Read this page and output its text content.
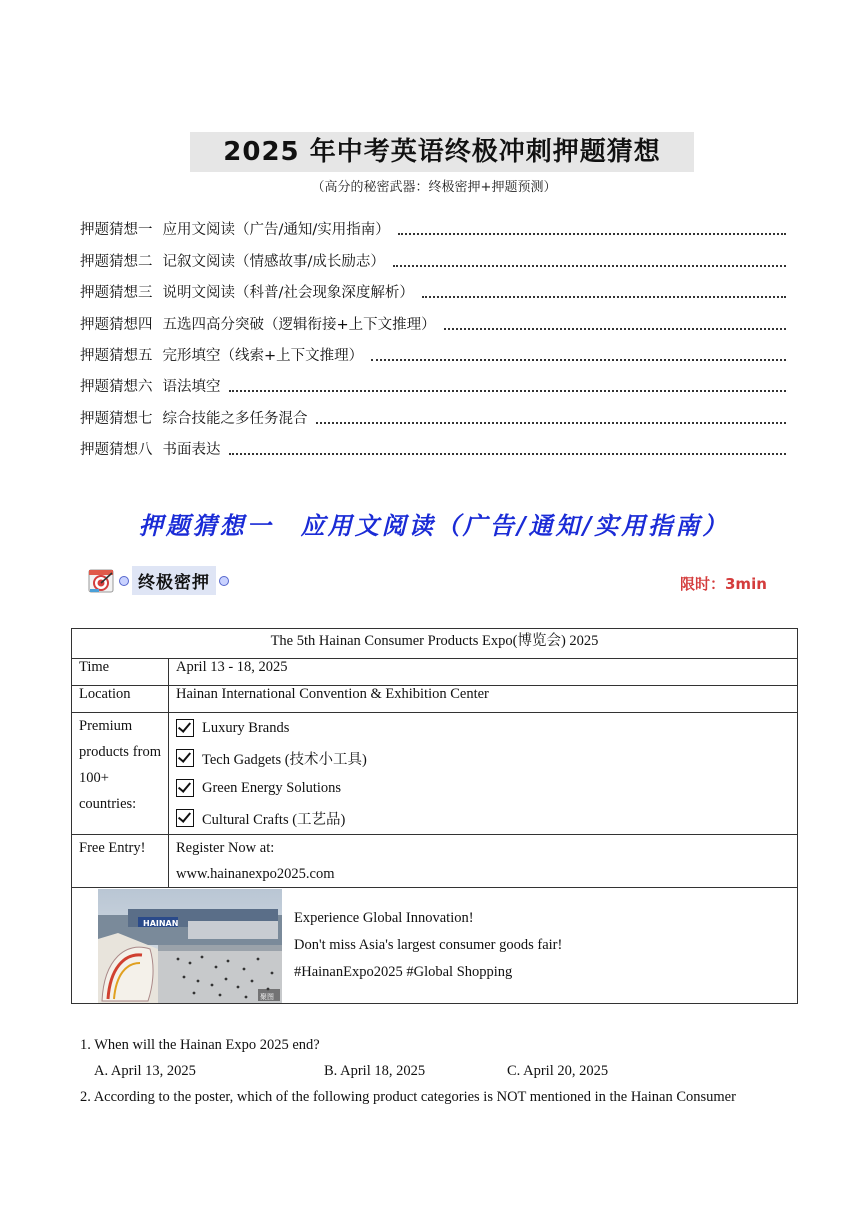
2025 年中考英语终极冲刺押题猜想
（高分的秘密武器：终极密押+押题预测）
押题猜想一 应用文阅读（广告/通知/实用指南）
押题猜想二 记叙文阅读（情感故事/成长励志）
押题猜想三 说明文阅读（科普/社会现象深度解析）
押题猜想四 五选四高分突破（逻辑衔接+上下文推理）
押题猜想五 完形填空（线索+上下文推理）
押题猜想六 语法填空
押题猜想七 综合技能之多任务混合
押题猜想八 书面表达
押题猜想一　应用文阅读（广告/通知/实用指南）
终极密押	限时：3min
The 5th Hainan Consumer Products Expo(博览会) 2025	
Time	April 13 - 18, 2025
Location	Hainan International Convention & Exhibition Center

Premium products from 100+ countries:	Luxury Brands
Tech Gadgets (技术小工具)
Green Energy Solutions
Cultural Crafts (工艺品)

Free Entry!	Register Now at:
www.hainanexpo2025.com

HAINAN
聚图
Experience Global Innovation!
Don't miss Asia's largest consumer goods fair!
#HainanExpo2025 #Global Shopping	
1. When will the Hainan Expo 2025 end?
A. April 13, 2025	B. April 18, 2025	C. April 20, 2025
2. According to the poster, which of the following product categories is NOT mentioned in the Hainan Consumer
